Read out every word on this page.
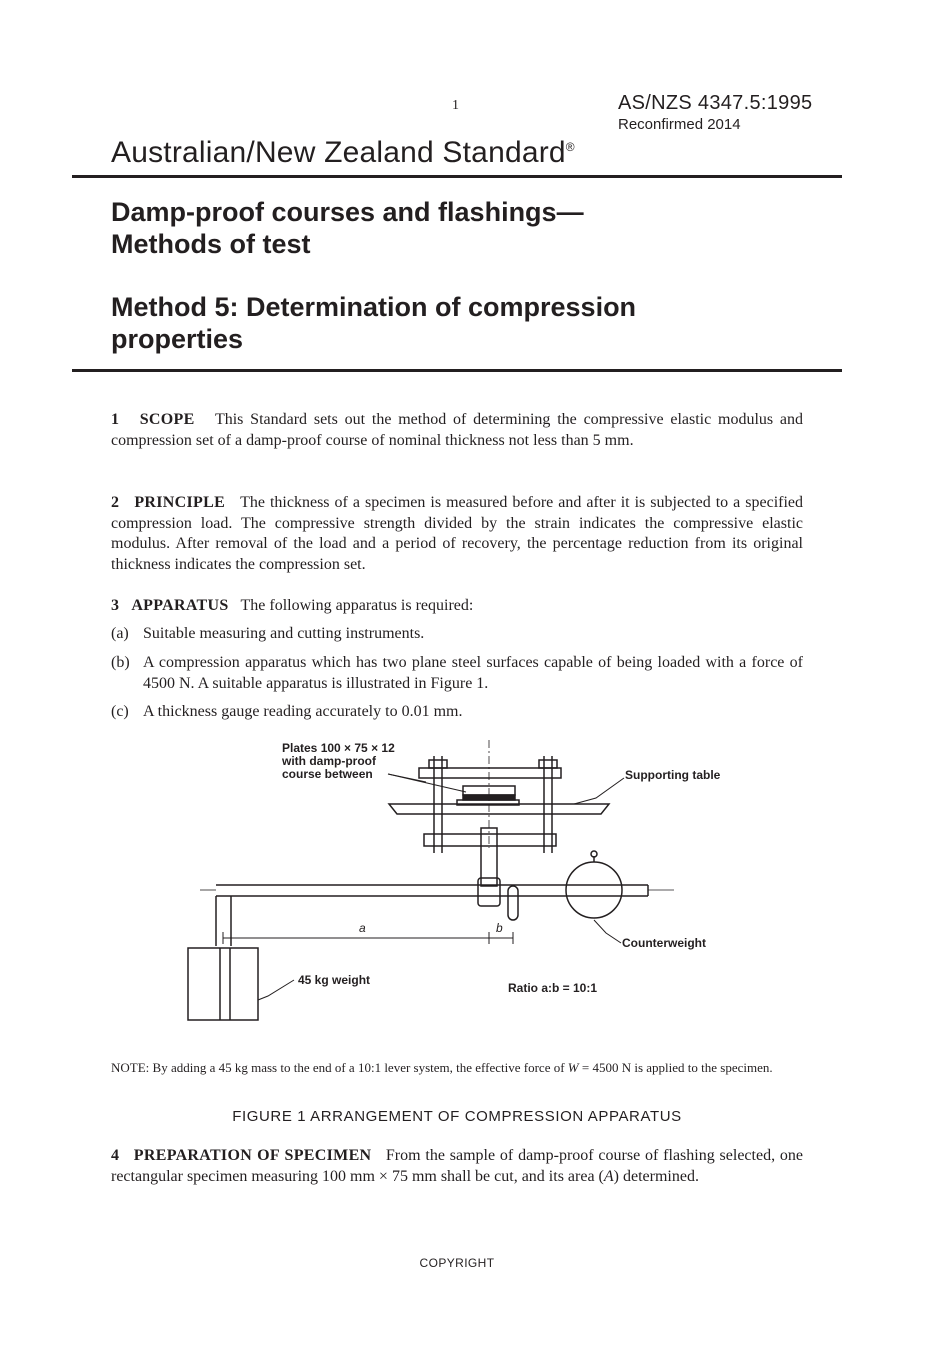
1	AS/NZS 4347.5:1995
Reconfirmed 2014
Australian/New Zealand Standard®
Damp-proof courses and flashings—
Methods of test
Method 5: Determination of compression
properties

1 SCOPE This Standard sets out the method of determining the compressive elastic modulus and compression set of a damp-proof course of nominal thickness not less than 5 mm.

2 PRINCIPLE The thickness of a specimen is measured before and after it is subjected to a specified compression load. The compressive strength divided by the strain indicates the compressive elastic modulus. After removal of the load and a period of recovery, the percentage reduction from its original thickness indicates the compression set.

3 APPARATUS The following apparatus is required:

(a) Suitable measuring and cutting instruments.
(b) A compression apparatus which has two plane steel surfaces capable of being loaded with a force of 4500 N. A suitable apparatus is illustrated in Figure 1.
(c) A thickness gauge reading accurately to 0.01 mm.
Plates 100 × 75 × 12
with damp-proof
course between	Supporting table
Counterweight
45 kg weight
a	b
Ratio a:b = 10:1

NOTE: By adding a 45 kg mass to the end of a 10:1 lever system, the effective force of W = 4500 N is applied to the specimen.

FIGURE 1 ARRANGEMENT OF COMPRESSION APPARATUS

4 PREPARATION OF SPECIMEN From the sample of damp-proof course of flashing selected, one rectangular specimen measuring 100 mm × 75 mm shall be cut, and its area (A) determined.

COPYRIGHT
